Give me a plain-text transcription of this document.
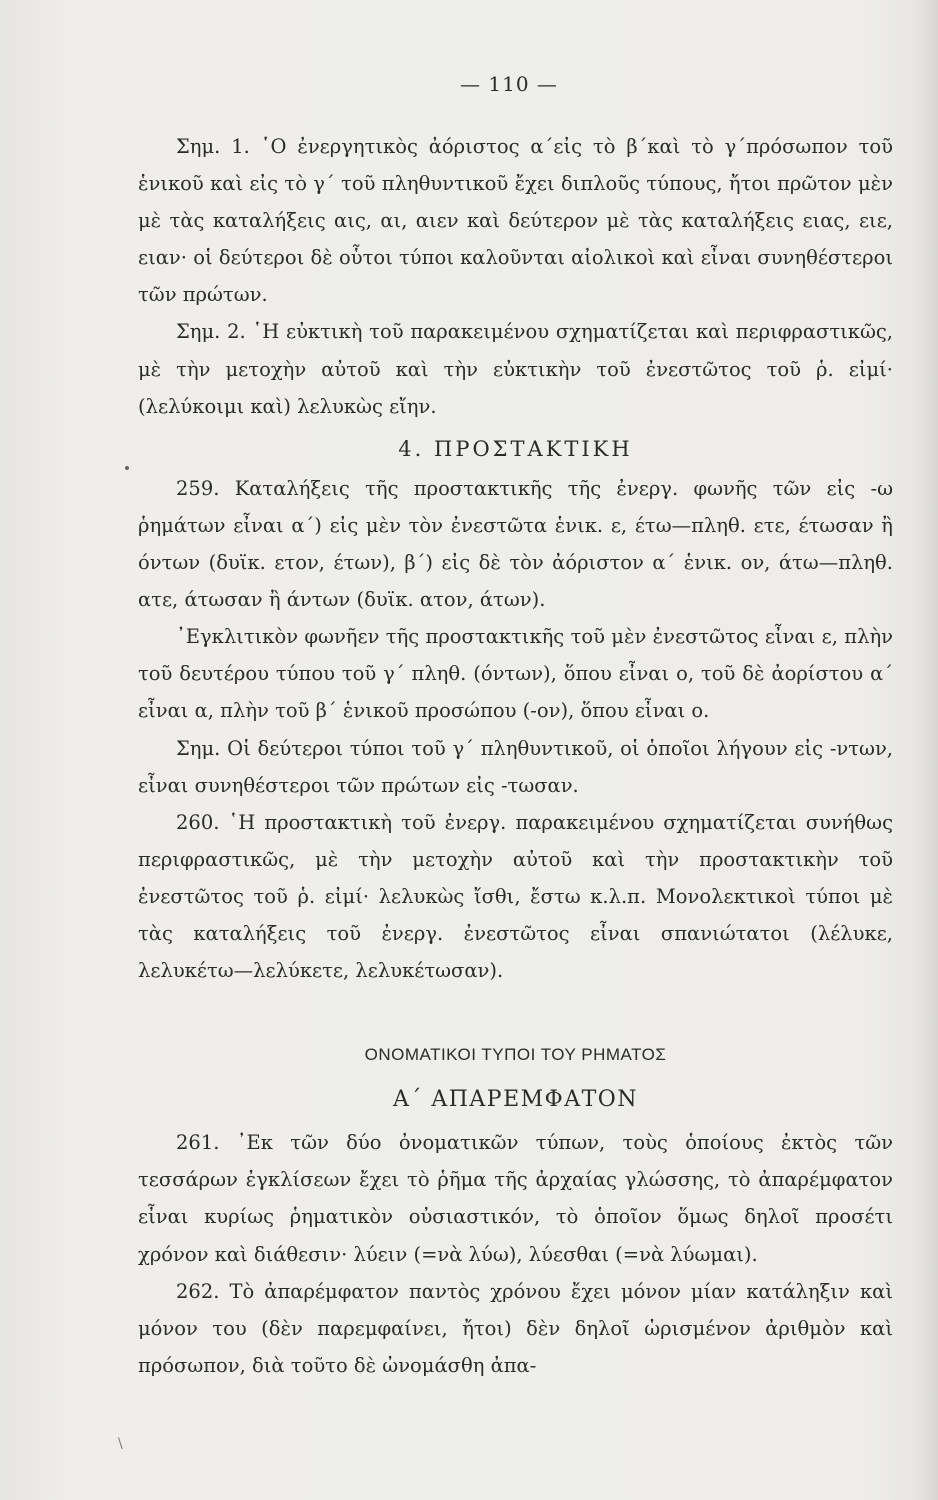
— 110 —

Σημ. 1. ῾Ο ἐνεργητικὸς ἀόριστος α΄εἰς τὸ β΄καὶ τὸ γ΄πρόσωπον τοῦ ἑνικοῦ καὶ εἰς τὸ γ΄ τοῦ πληθυντικοῦ ἔχει διπλοῦς τύπους, ἤτοι πρῶτον μὲν μὲ τὰς καταλήξεις αις, αι, αιεν καὶ δεύτερον μὲ τὰς καταλήξεις ειας, ειε, ειαν· οἱ δεύτεροι δὲ οὗτοι τύποι καλοῦνται αἰολικοὶ καὶ εἶναι συνηθέστεροι τῶν πρώτων.

Σημ. 2. ῾Η εὐκτικὴ τοῦ παρακειμένου σχηματίζεται καὶ περιφραστικῶς, μὲ τὴν μετοχὴν αὐτοῦ καὶ τὴν εὐκτικὴν τοῦ ἐνεστῶτος τοῦ ῥ. εἰμί· (λελύκοιμι καὶ) λελυκὼς εἴην.

4. ΠΡΟΣΤΑΚΤΙΚΗ

259. Καταλήξεις τῆς προστακτικῆς τῆς ἐνεργ. φωνῆς τῶν εἰς -ω ῥημάτων εἶναι α΄) εἰς μὲν τὸν ἐνεστῶτα ἑνικ. ε, έτω—πληθ. ετε, έτωσαν ἢ όντων (δυϊκ. ετον, έτων), β΄) εἰς δὲ τὸν ἀόριστον α΄ ἑνικ. ον, άτω—πληθ. ατε, άτωσαν ἢ άντων (δυϊκ. ατον, άτων).

᾿Εγκλιτικὸν φωνῆεν τῆς προστακτικῆς τοῦ μὲν ἐνεστῶτος εἶναι ε, πλὴν τοῦ δευτέρου τύπου τοῦ γ΄ πληθ. (όντων), ὅπου εἶναι ο, τοῦ δὲ ἀορίστου α΄ εἶναι α, πλὴν τοῦ β΄ ἑνικοῦ προσώπου (-ον), ὅπου εἶναι ο.

Σημ. Οἱ δεύτεροι τύποι τοῦ γ΄ πληθυντικοῦ, οἱ ὁποῖοι λήγουν εἰς -ντων, εἶναι συνηθέστεροι τῶν πρώτων εἰς -τωσαν.

260. ῾Η προστακτικὴ τοῦ ἐνεργ. παρακειμένου σχηματίζεται συνήθως περιφραστικῶς, μὲ τὴν μετοχὴν αὐτοῦ καὶ τὴν προστακτικὴν τοῦ ἐνεστῶτος τοῦ ῥ. εἰμί· λελυκὼς ἴσθι, ἔστω κ.λ.π. Μονολεκτικοὶ τύποι μὲ τὰς καταλήξεις τοῦ ἐνεργ. ἐνεστῶτος εἶναι σπανιώτατοι (λέλυκε, λελυκέτω—λελύκετε, λελυκέτωσαν).

ΟΝΟΜΑΤΙΚΟΙ ΤΥΠΟΙ ΤΟΥ ΡΗΜΑΤΟΣ

Α΄ ΑΠΑΡΕΜΦΑΤΟΝ

261. ᾿Εκ τῶν δύο ὀνοματικῶν τύπων, τοὺς ὁποίους ἐκτὸς τῶν τεσσάρων ἐγκλίσεων ἔχει τὸ ῥῆμα τῆς ἀρχαίας γλώσσης, τὸ ἀπαρέμφατον εἶναι κυρίως ῥηματικὸν οὐσιαστικόν, τὸ ὁποῖον ὅμως δηλοῖ προσέτι χρόνον καὶ διάθεσιν· λύειν (=νὰ λύω), λύεσθαι (=νὰ λύωμαι).

262. Τὸ ἀπαρέμφατον παντὸς χρόνου ἔχει μόνον μίαν κατάληξιν καὶ μόνον του (δὲν παρεμφαίνει, ἤτοι) δὲν δηλοῖ ὡρισμένον ἀριθμὸν καὶ πρόσωπον, διὰ τοῦτο δὲ ὠνομάσθη ἀπα-

\
